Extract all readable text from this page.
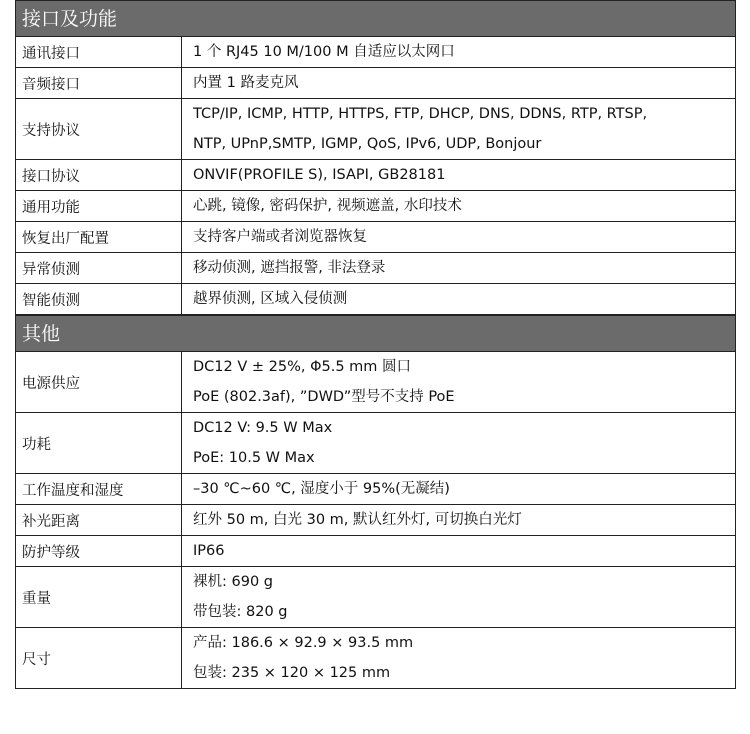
接口及功能
通讯接口	1 个 RJ45 10 M/100 M 自适应以太网口

音频接口	内置 1 路麦克风

支持协议	TCP/IP, ICMP, HTTP, HTTPS, FTP, DHCP, DNS, DDNS, RTP, RTSP,
NTP, UPnP,SMTP, IGMP, QoS, IPv6, UDP, Bonjour

接口协议	ONVIF(PROFILE S), ISAPI, GB28181

通用功能	心跳, 镜像, 密码保护, 视频遮盖, 水印技术

恢复出厂配置	支持客户端或者浏览器恢复

异常侦测	移动侦测, 遮挡报警, 非法登录

智能侦测	越界侦测, 区域入侵侦测
其他
电源供应	DC12 V ± 25%, Φ5.5 mm 圆口
PoE (802.3af), ”DWD”型号不支持 PoE

功耗	DC12 V: 9.5 W Max
PoE: 10.5 W Max

工作温度和湿度	–30 ℃~60 ℃, 湿度小于 95%(无凝结)

补光距离	红外 50 m, 白光 30 m, 默认红外灯, 可切换白光灯

防护等级	IP66

重量	裸机: 690 g
带包装: 820 g

尺寸	产品: 186.6 × 92.9 × 93.5 mm
包装: 235 × 120 × 125 mm
